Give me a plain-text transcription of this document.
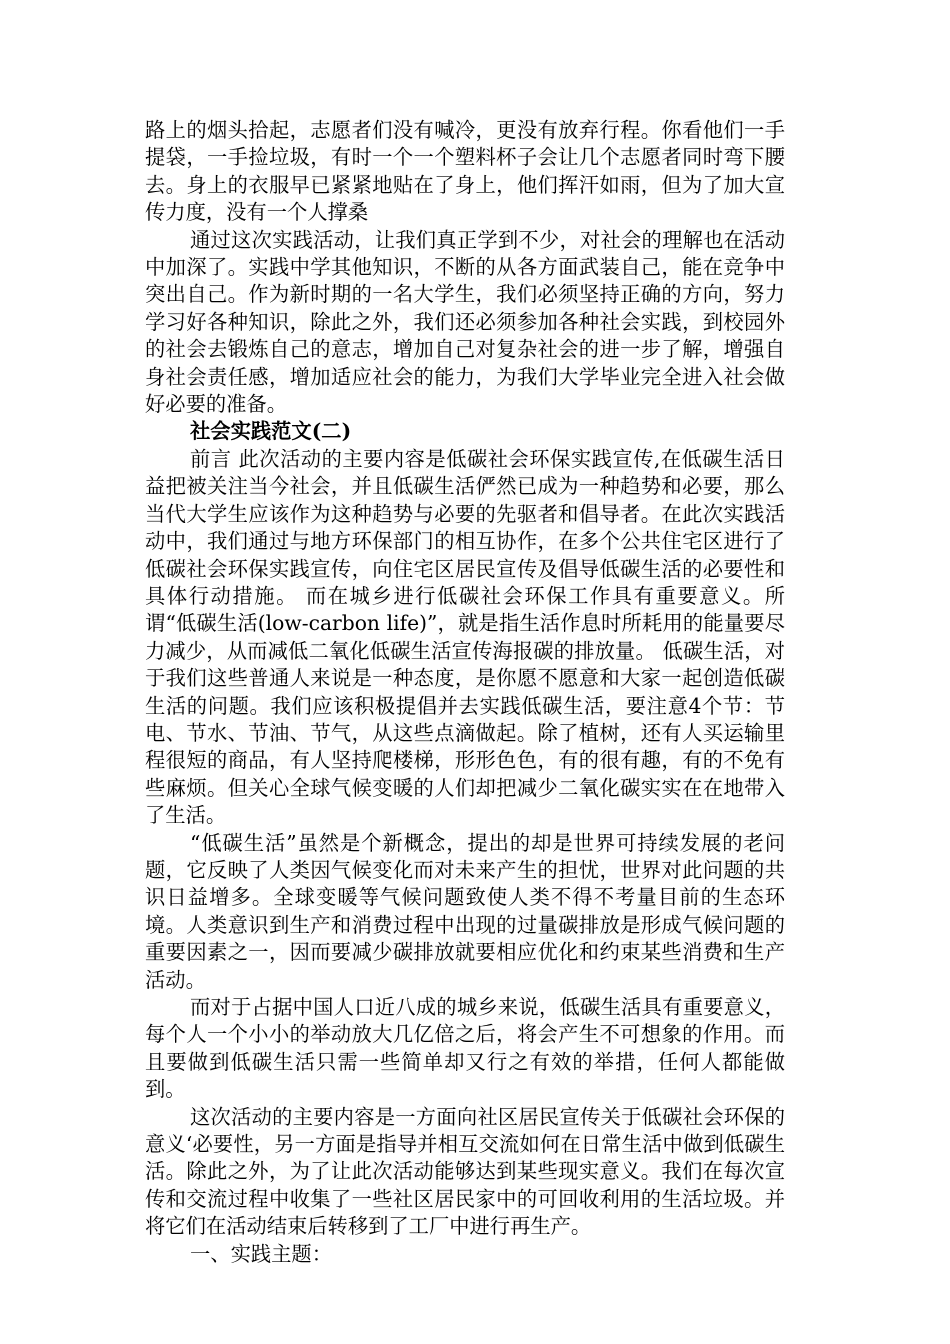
路上的烟头拾起，志愿者们没有喊冷，更没有放弃行程。你看他们一手提袋，一手捡垃圾，有时一个一个塑料杯子会让几个志愿者同时弯下腰去。身上的衣服早已紧紧地贴在了身上，他们挥汗如雨，但为了加大宣传力度，没有一个人撑桑

通过这次实践活动，让我们真正学到不少，对社会的理解也在活动中加深了。实践中学其他知识，不断的从各方面武装自己，能在竞争中突出自己。作为新时期的一名大学生，我们必须坚持正确的方向，努力学习好各种知识，除此之外，我们还必须参加各种社会实践，到校园外的社会去锻炼自己的意志，增加自己对复杂社会的进一步了解，增强自身社会责任感，增加适应社会的能力，为我们大学毕业完全进入社会做好必要的准备。

社会实践范文(二)

前言 此次活动的主要内容是低碳社会环保实践宣传,在低碳生活日益把被关注当今社会，并且低碳生活俨然已成为一种趋势和必要，那么当代大学生应该作为这种趋势与必要的先驱者和倡导者。在此次实践活动中，我们通过与地方环保部门的相互协作，在多个公共住宅区进行了低碳社会环保实践宣传，向住宅区居民宣传及倡导低碳生活的必要性和具体行动措施。 而在城乡进行低碳社会环保工作具有重要意义。所谓“低碳生活(low-carbon life)”，就是指生活作息时所耗用的能量要尽力减少，从而减低二氧化低碳生活宣传海报碳的排放量。 低碳生活，对于我们这些普通人来说是一种态度，是你愿不愿意和大家一起创造低碳生活的问题。我们应该积极提倡并去实践低碳生活，要注意4个节：节电、节水、节油、节气，从这些点滴做起。除了植树，还有人买运输里程很短的商品，有人坚持爬楼梯，形形色色，有的很有趣，有的不免有些麻烦。但关心全球气候变暖的人们却把减少二氧化碳实实在在地带入了生活。

“低碳生活”虽然是个新概念，提出的却是世界可持续发展的老问题，它反映了人类因气候变化而对未来产生的担忧，世界对此问题的共识日益增多。全球变暖等气候问题致使人类不得不考量目前的生态环境。人类意识到生产和消费过程中出现的过量碳排放是形成气候问题的重要因素之一，因而要减少碳排放就要相应优化和约束某些消费和生产活动。

而对于占据中国人口近八成的城乡来说，低碳生活具有重要意义，每个人一个小小的举动放大几亿倍之后，将会产生不可想象的作用。而且要做到低碳生活只需一些简单却又行之有效的举措，任何人都能做到。

这次活动的主要内容是一方面向社区居民宣传关于低碳社会环保的意义‘必要性，另一方面是指导并相互交流如何在日常生活中做到低碳生活。除此之外，为了让此次活动能够达到某些现实意义。我们在每次宣传和交流过程中收集了一些社区居民家中的可回收利用的生活垃圾。并将它们在活动结束后转移到了工厂中进行再生产。

一、实践主题：
